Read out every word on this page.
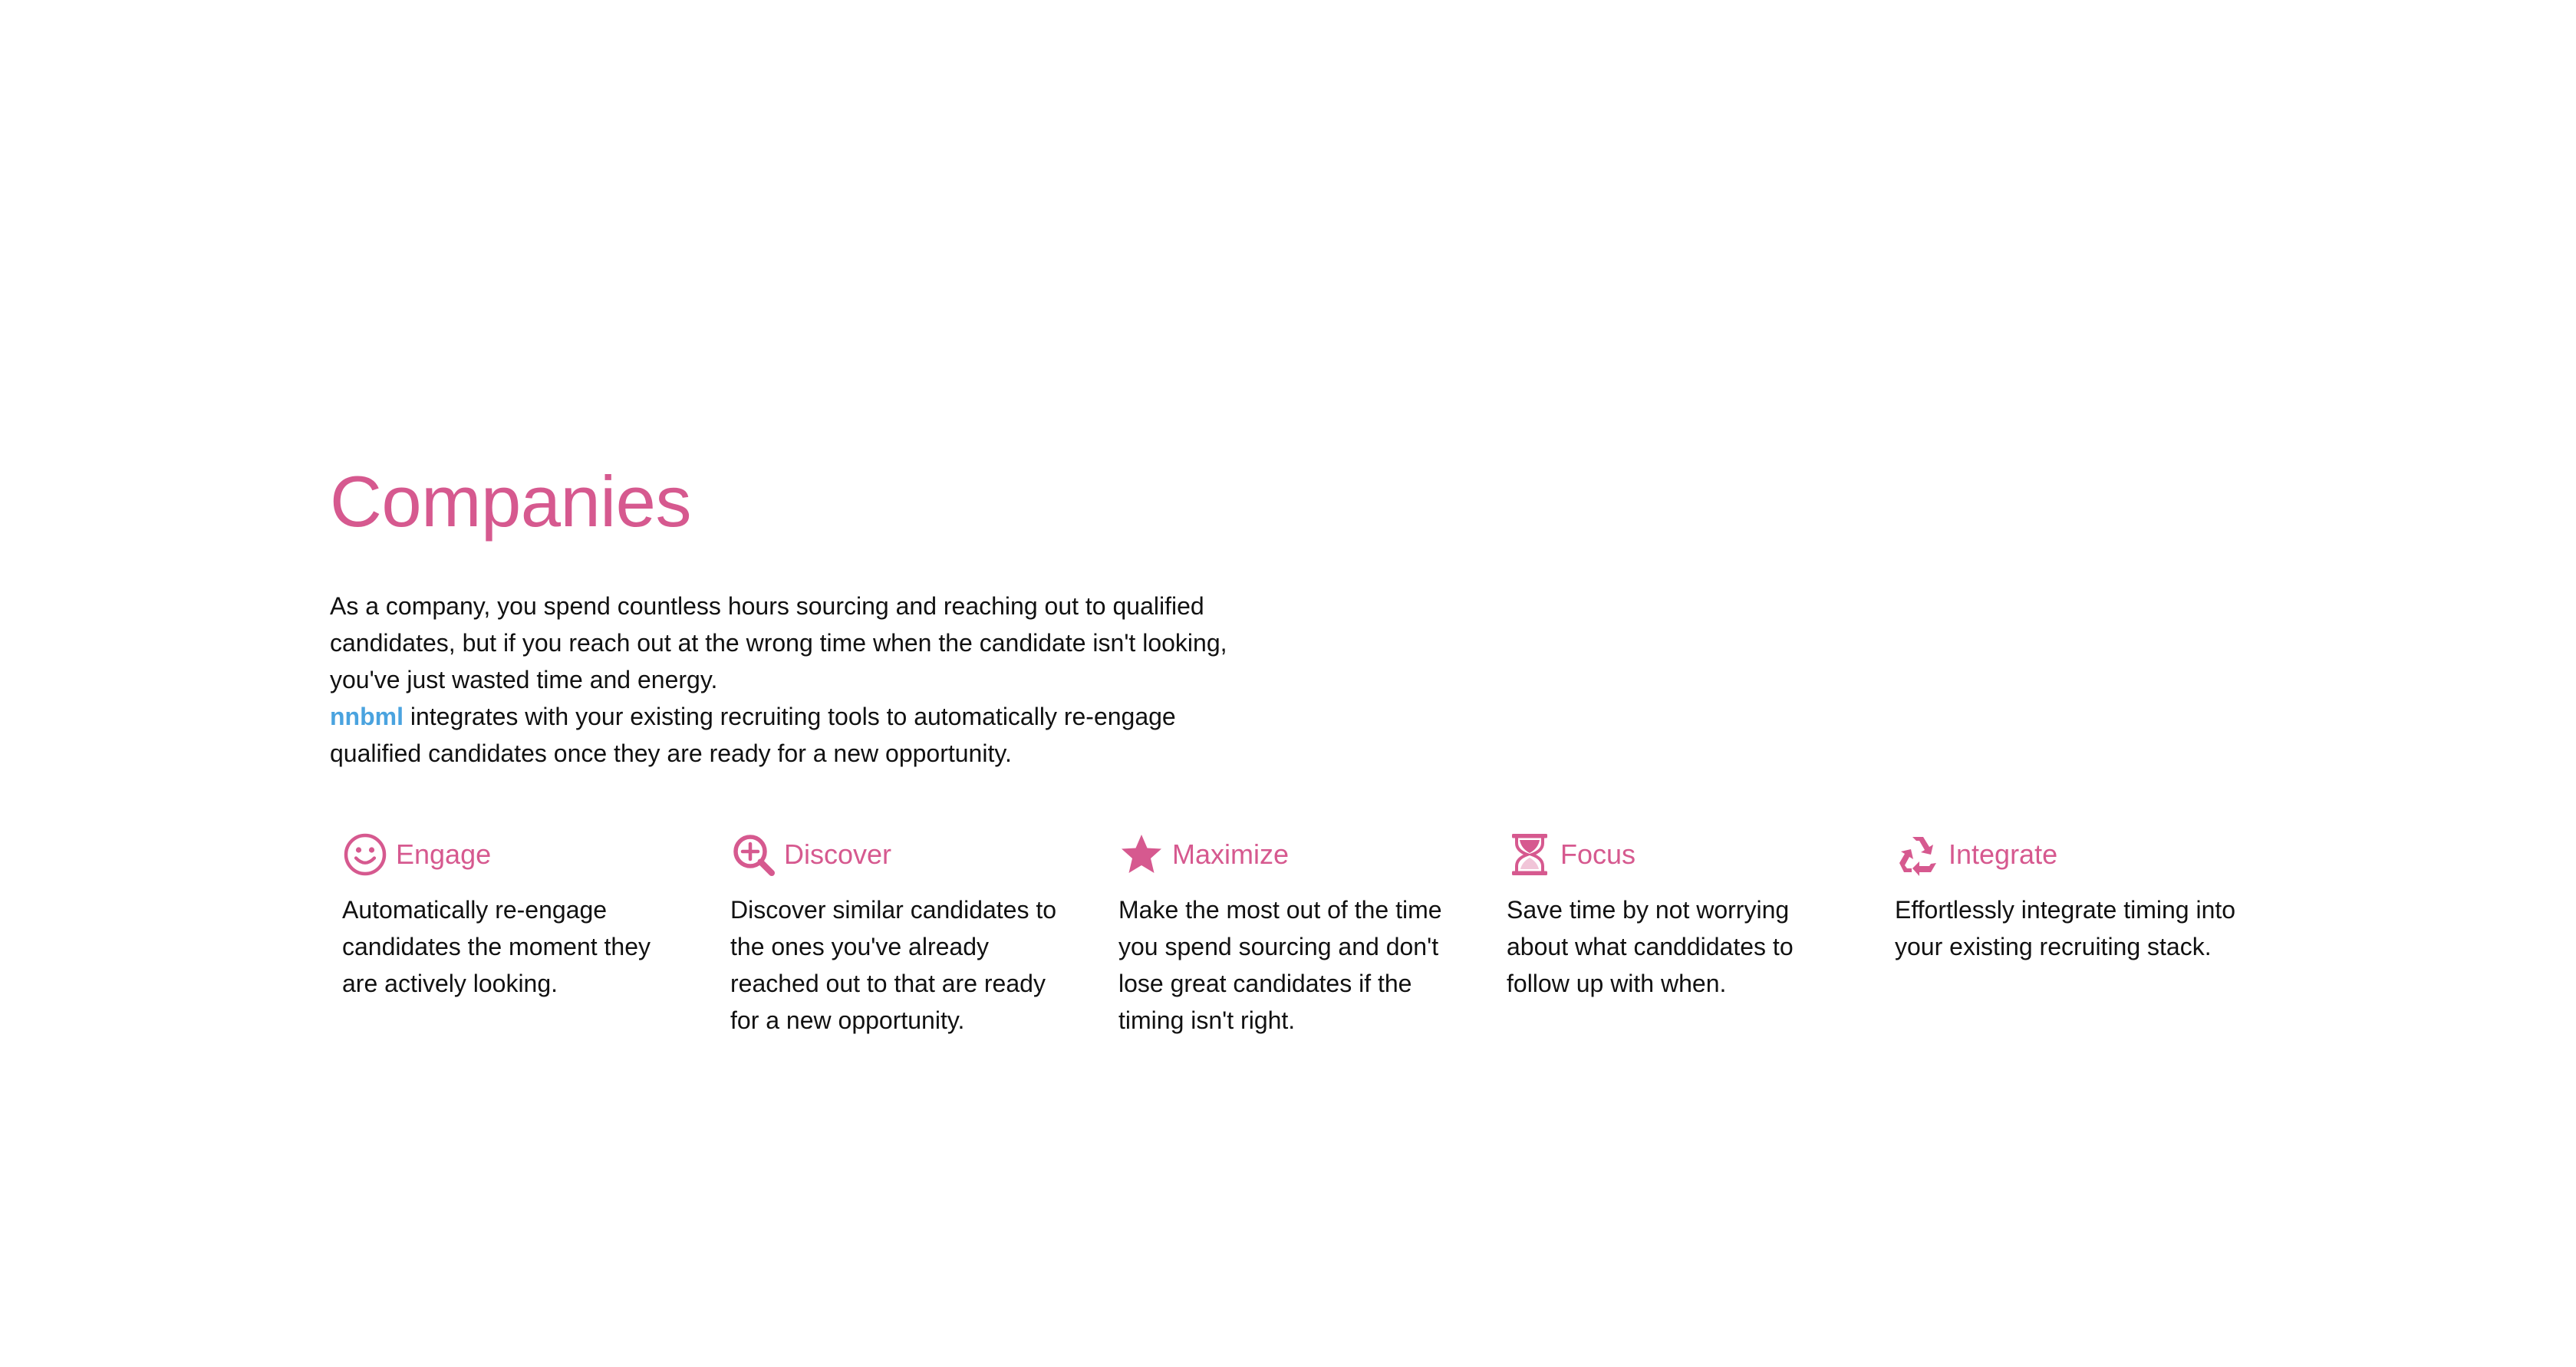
Companies

As a company, you spend countless hours sourcing and reaching out to qualified candidates, but if you reach out at the wrong time when the candidate isn't looking, you've just wasted time and energy.

nnbml integrates with your existing recruiting tools to automatically re-engage qualified candidates once they are ready for a new opportunity.

Engage
Automatically re-engage candidates the moment they are actively looking.
Discover
Discover similar candidates to the ones you've already reached out to that are ready for a new opportunity.
Maximize
Make the most out of the time you spend sourcing and don't lose great candidates if the timing isn't right.
Focus
Save time by not worrying about what canddidates to follow up with when.
Integrate
Effortlessly integrate timing into your existing recruiting stack.
